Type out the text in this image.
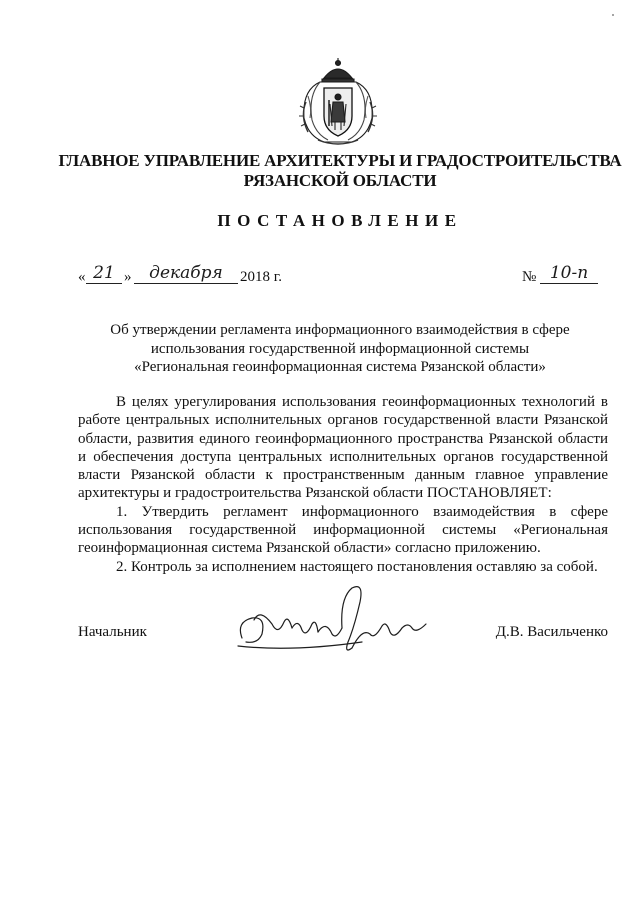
ГЛАВНОЕ УПРАВЛЕНИЕ АРХИТЕКТУРЫ И ГРАДОСТРОИТЕЛЬСТВА
РЯЗАНСКОЙ ОБЛАСТИ
ПОСТАНОВЛЕНИЕ
« 21 »	декабря	2018 г.	№ 10-п
Об утверждении регламента информационного взаимодействия в сфере
использования государственной информационной системы
«Региональная геоинформационная система Рязанской области»

В целях урегулирования использования геоинформационных технологий в работе центральных исполнительных органов государственной власти Рязанской области, развития единого геоинформационного пространства Рязанской области и обеспечения доступа центральных исполнительных органов государственной власти Рязанской области к пространственным данным главное управление архитектуры и градостроительства Рязанской области ПОСТАНОВЛЯЕТ:

1. Утвердить регламент информационного взаимодействия в сфере использования государственной информационной системы «Региональная геоинформационная система Рязанской области» согласно приложению.

2. Контроль за исполнением настоящего постановления оставляю за собой.

Начальник	Д.В. Васильченко
